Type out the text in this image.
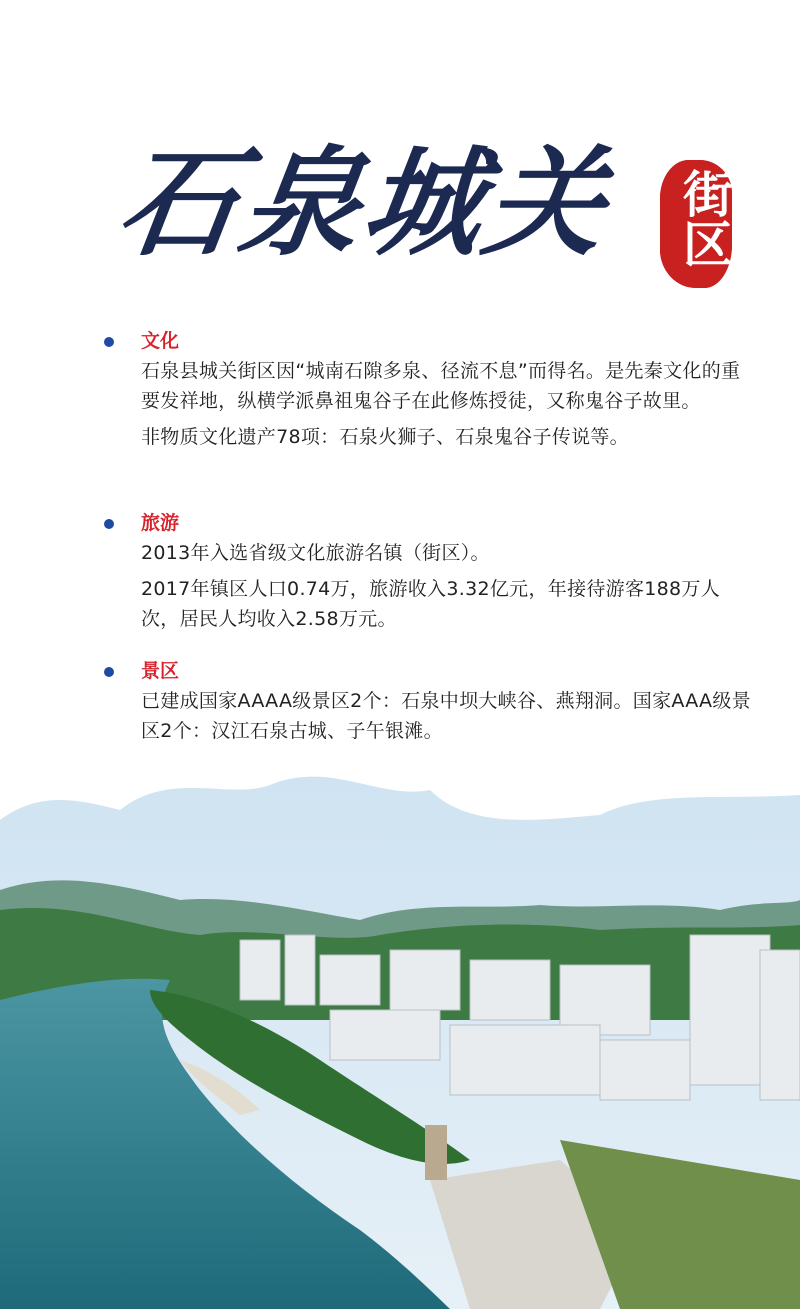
石泉城关	街区
文化
石泉县城关街区因“城南石隙多泉、径流不息”而得名。是先秦文化的重要发祥地，纵横学派鼻祖鬼谷子在此修炼授徒，又称鬼谷子故里。
非物质文化遗产78项：石泉火狮子、石泉鬼谷子传说等。
旅游
2013年入选省级文化旅游名镇（街区）。
2017年镇区人口0.74万，旅游收入3.32亿元，年接待游客188万人次，居民人均收入2.58万元。
景区
已建成国家AAAA级景区2个：石泉中坝大峡谷、燕翔洞。国家AAA级景区2个：汉江石泉古城、子午银滩。
